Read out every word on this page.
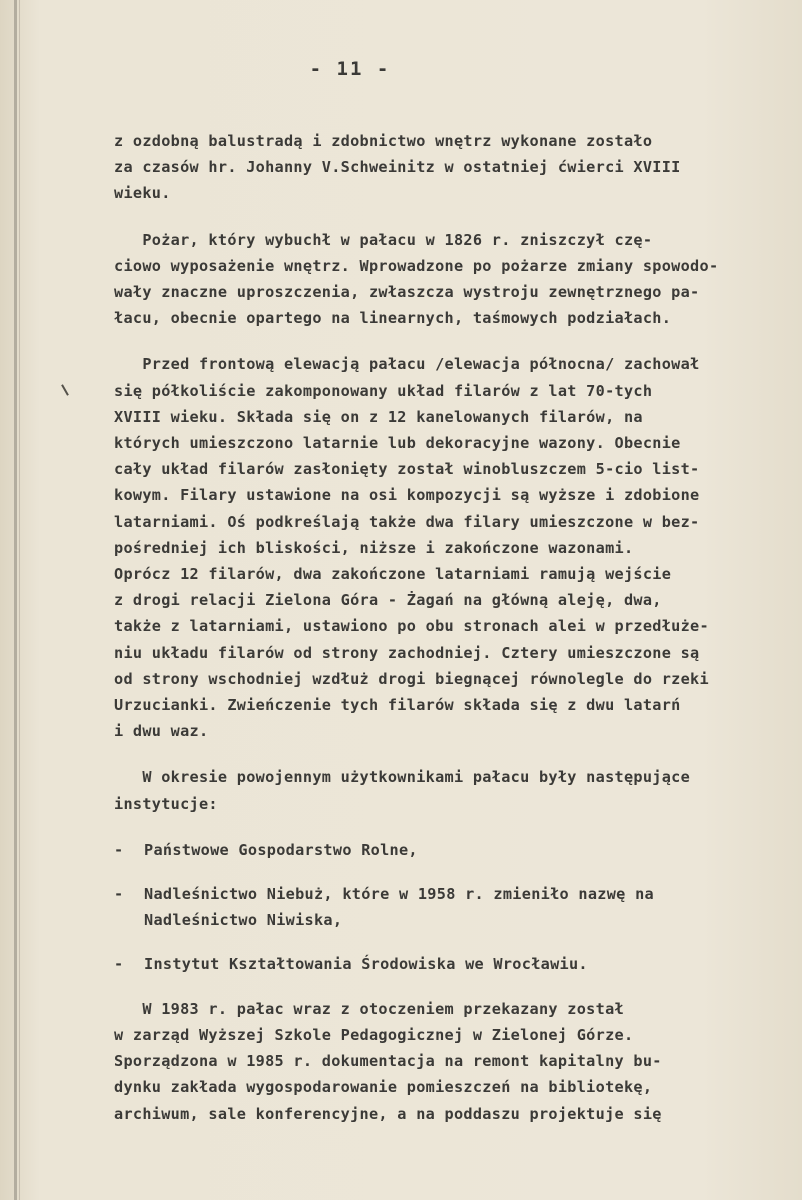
- 11 -
z ozdobną balustradą i zdobnictwo wnętrz wykonane zostało
za czasów hr. Johanny V.Schweinitz w ostatniej ćwierci XVIII
wieku.
Pożar, który wybuchł w pałacu w 1826 r. zniszczył czę-
ciowo wyposażenie wnętrz. Wprowadzone po pożarze zmiany spowodo-
wały znaczne uproszczenia, zwłaszcza wystroju zewnętrznego pa-
łacu, obecnie opartego na linearnych, taśmowych podziałach.
Przed frontową elewacją pałacu /elewacja północna/ zachował
się półkoliście zakomponowany układ filarów z lat 70-tych
XVIII wieku. Składa się on z 12 kanelowanych filarów, na
których umieszczono latarnie lub dekoracyjne wazony. Obecnie
cały układ filarów zasłonięty został winobluszczem 5-cio list-
kowym. Filary ustawione na osi kompozycji są wyższe i zdobione
latarniami. Oś podkreślają także dwa filary umieszczone w bez-
pośredniej ich bliskości, niższe i zakończone wazonami.
Oprócz 12 filarów, dwa zakończone latarniami ramują wejście
z drogi relacji Zielona Góra - Żagań na główną aleję, dwa,
także z latarniami, ustawiono po obu stronach alei w przedłuże-
niu układu filarów od strony zachodniej. Cztery umieszczone są
od strony wschodniej wzdłuż drogi biegnącej równolegle do rzeki
Urzucianki. Zwieńczenie tych filarów składa się z dwu latarń
i dwu waz.
W okresie powojennym użytkownikami pałacu były następujące
instytucje:
-	Państwowe Gospodarstwo Rolne,
-	Nadleśnictwo Niebuż, które w 1958 r. zmieniło nazwę na
Nadleśnictwo Niwiska,
-	Instytut Kształtowania Środowiska we Wrocławiu.
W 1983 r. pałac wraz z otoczeniem przekazany został
w zarząd Wyższej Szkole Pedagogicznej w Zielonej Górze.
Sporządzona w 1985 r. dokumentacja na remont kapitalny bu-
dynku zakłada wygospodarowanie pomieszczeń na bibliotekę,
archiwum, sale konferencyjne, a na poddaszu projektuje się
